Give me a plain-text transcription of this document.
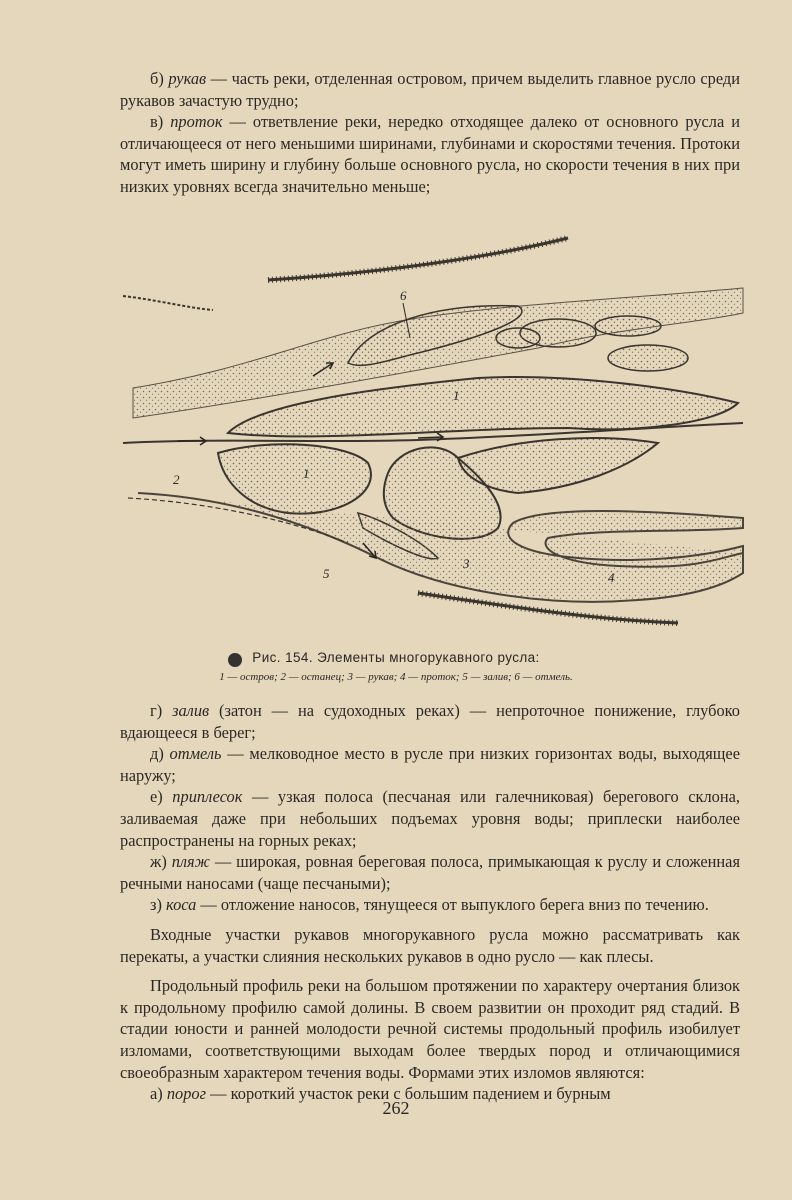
б) рукав — часть реки, отделенная островом, причем выделить главное русло среди рукавов зачастую трудно;

в) проток — ответвление реки, нередко отходящее далеко от основного русла и отличающееся от него меньшими ширинами, глубинами и скоростями течения. Протоки могут иметь ширину и глубину больше основного русла, но скорости течения в них при низких уровнях всегда значительно меньше;

6
1
1
2
3
4
5
Рис. 154. Элементы многорукавного русла:
1 — остров; 2 — останец; 3 — рукав; 4 — проток; 5 — залив; 6 — отмель.

г) залив (затон — на судоходных реках) — непроточное понижение, глубоко вдающееся в берег;

д) отмель — мелководное место в русле при низких горизонтах воды, выходящее наружу;

е) приплесок — узкая полоса (песчаная или галечниковая) берегового склона, заливаемая даже при небольших подъемах уровня воды; приплески наиболее распространены на горных реках;

ж) пляж — широкая, ровная береговая полоса, примыкающая к руслу и сложенная речными наносами (чаще песчаными);

з) коса — отложение наносов, тянущееся от выпуклого берега вниз по течению.

Входные участки рукавов многорукавного русла можно рассматривать как перекаты, а участки слияния нескольких рукавов в одно русло — как плесы.

Продольный профиль реки на большом протяжении по характеру очертания близок к продольному профилю самой долины. В своем развитии он проходит ряд стадий. В стадии юности и ранней молодости речной системы продольный профиль изобилует изломами, соответствующими выходам более твердых пород и отличающимися своеобразным характером течения воды. Формами этих изломов являются:

а) порог — короткий участок реки с большим падением и бурным

262
